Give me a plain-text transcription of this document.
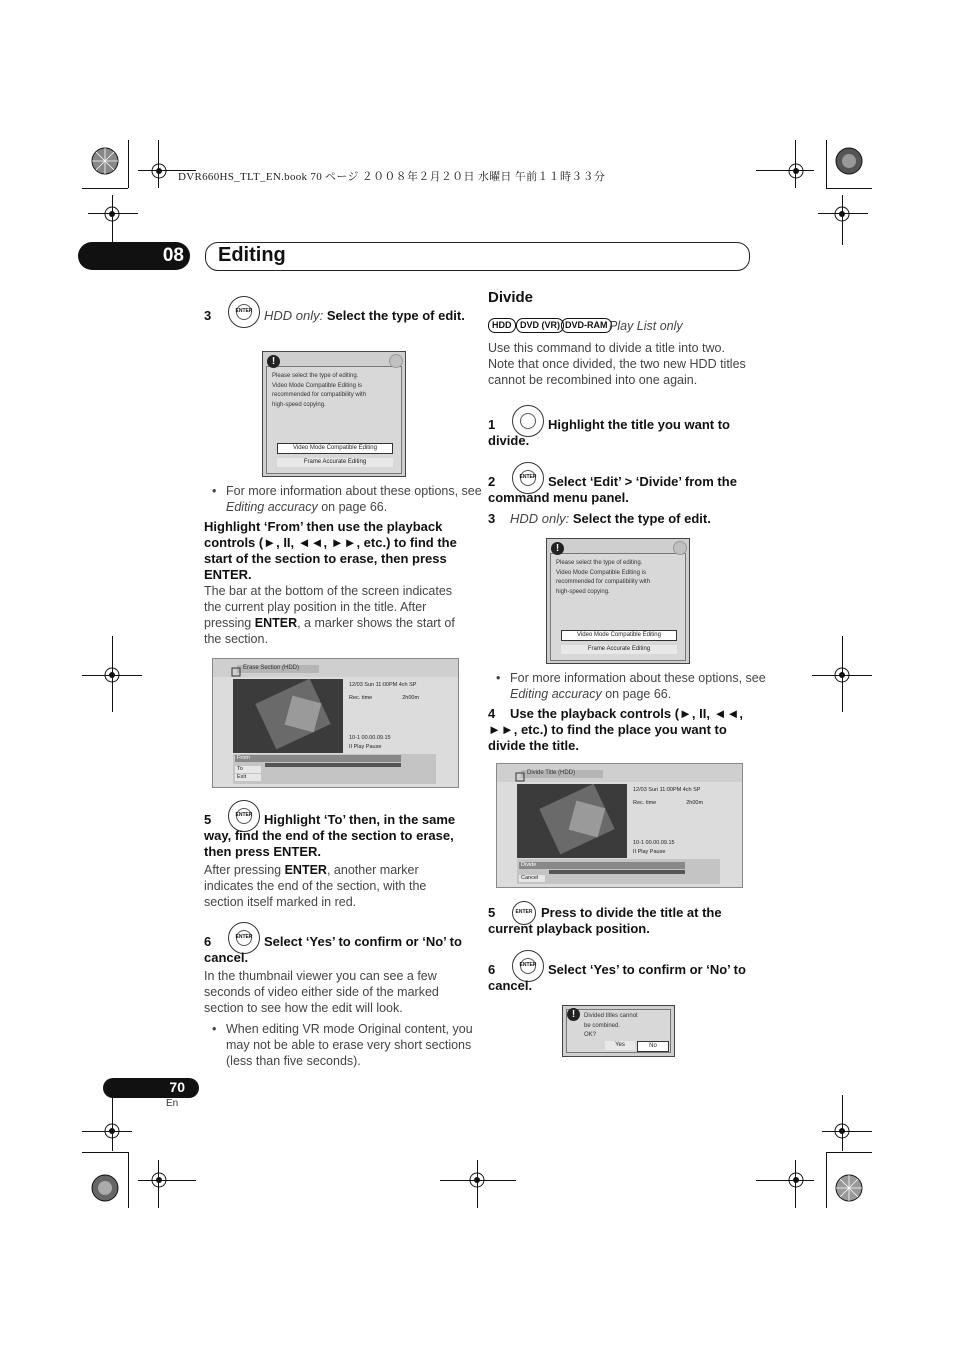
DVR660HS_TLT_EN.book 70 ページ ２００８年２月２０日 水曜日 午前１１時３３分
08 Editing
ENTER
3	HDD only: Select the type of edit.
!
Please select the type of editing.
Video Mode Compatible Editing is
recommended for compatibility with
high-speed copying.
Video Mode Compatible Editing
Frame Accurate Editing
• For more information about these options, see Editing accuracy on page 66.
Highlight ‘From’ then use the playback controls (►, II, ◄◄, ►►, etc.) to find the start of the section to erase, then press ENTER.
The bar at the bottom of the screen indicates the current play position in the title. After pressing ENTER, a marker shows the start of the section.
Erase Section (HDD)
12/03 Sun 11:00PM 4ch SP
Rec. time	2h00m
10-1 00.00.09.15
II Play Pause
From
To
Exit
ENTER
5	Highlight ‘To’ then, in the same way, find the end of the section to erase, then press ENTER.
After pressing ENTER, another marker indicates the end of the section, with the section itself marked in red.
ENTER
6	Select ‘Yes’ to confirm or ‘No’ to cancel.
In the thumbnail viewer you can see a few seconds of video either side of the marked section to see how the edit will look.
• When editing VR mode Original content, you may not be able to erase very short sections (less than five seconds).
Divide
HDD DVD (VR) DVD-RAM Play List only
Use this command to divide a title into two. Note that once divided, the two new HDD titles cannot be recombined into one again.
1	Highlight the title you want to divide.
ENTER
2	Select ‘Edit’ > ‘Divide’ from the command menu panel.
3 HDD only: Select the type of edit.
!
Please select the type of editing.
Video Mode Compatible Editing is
recommended for compatibility with
high-speed copying.
Video Mode Compatible Editing
Frame Accurate Editing
• For more information about these options, see Editing accuracy on page 66.
4 Use the playback controls (►, II, ◄◄, ►►, etc.) to find the place you want to divide the title.
Divide Title (HDD)
12/03 Sun 11:00PM 4ch SP
Rec. time	2h00m
10-1 00.00.09.15
II Play Pause
Divide
Cancel
ENTER
5	Press to divide the title at the current playback position.
ENTER
6	Select ‘Yes’ to confirm or ‘No’ to cancel.
!	Divided titles cannot
be combined.
OK?
Yes	No
70
En
